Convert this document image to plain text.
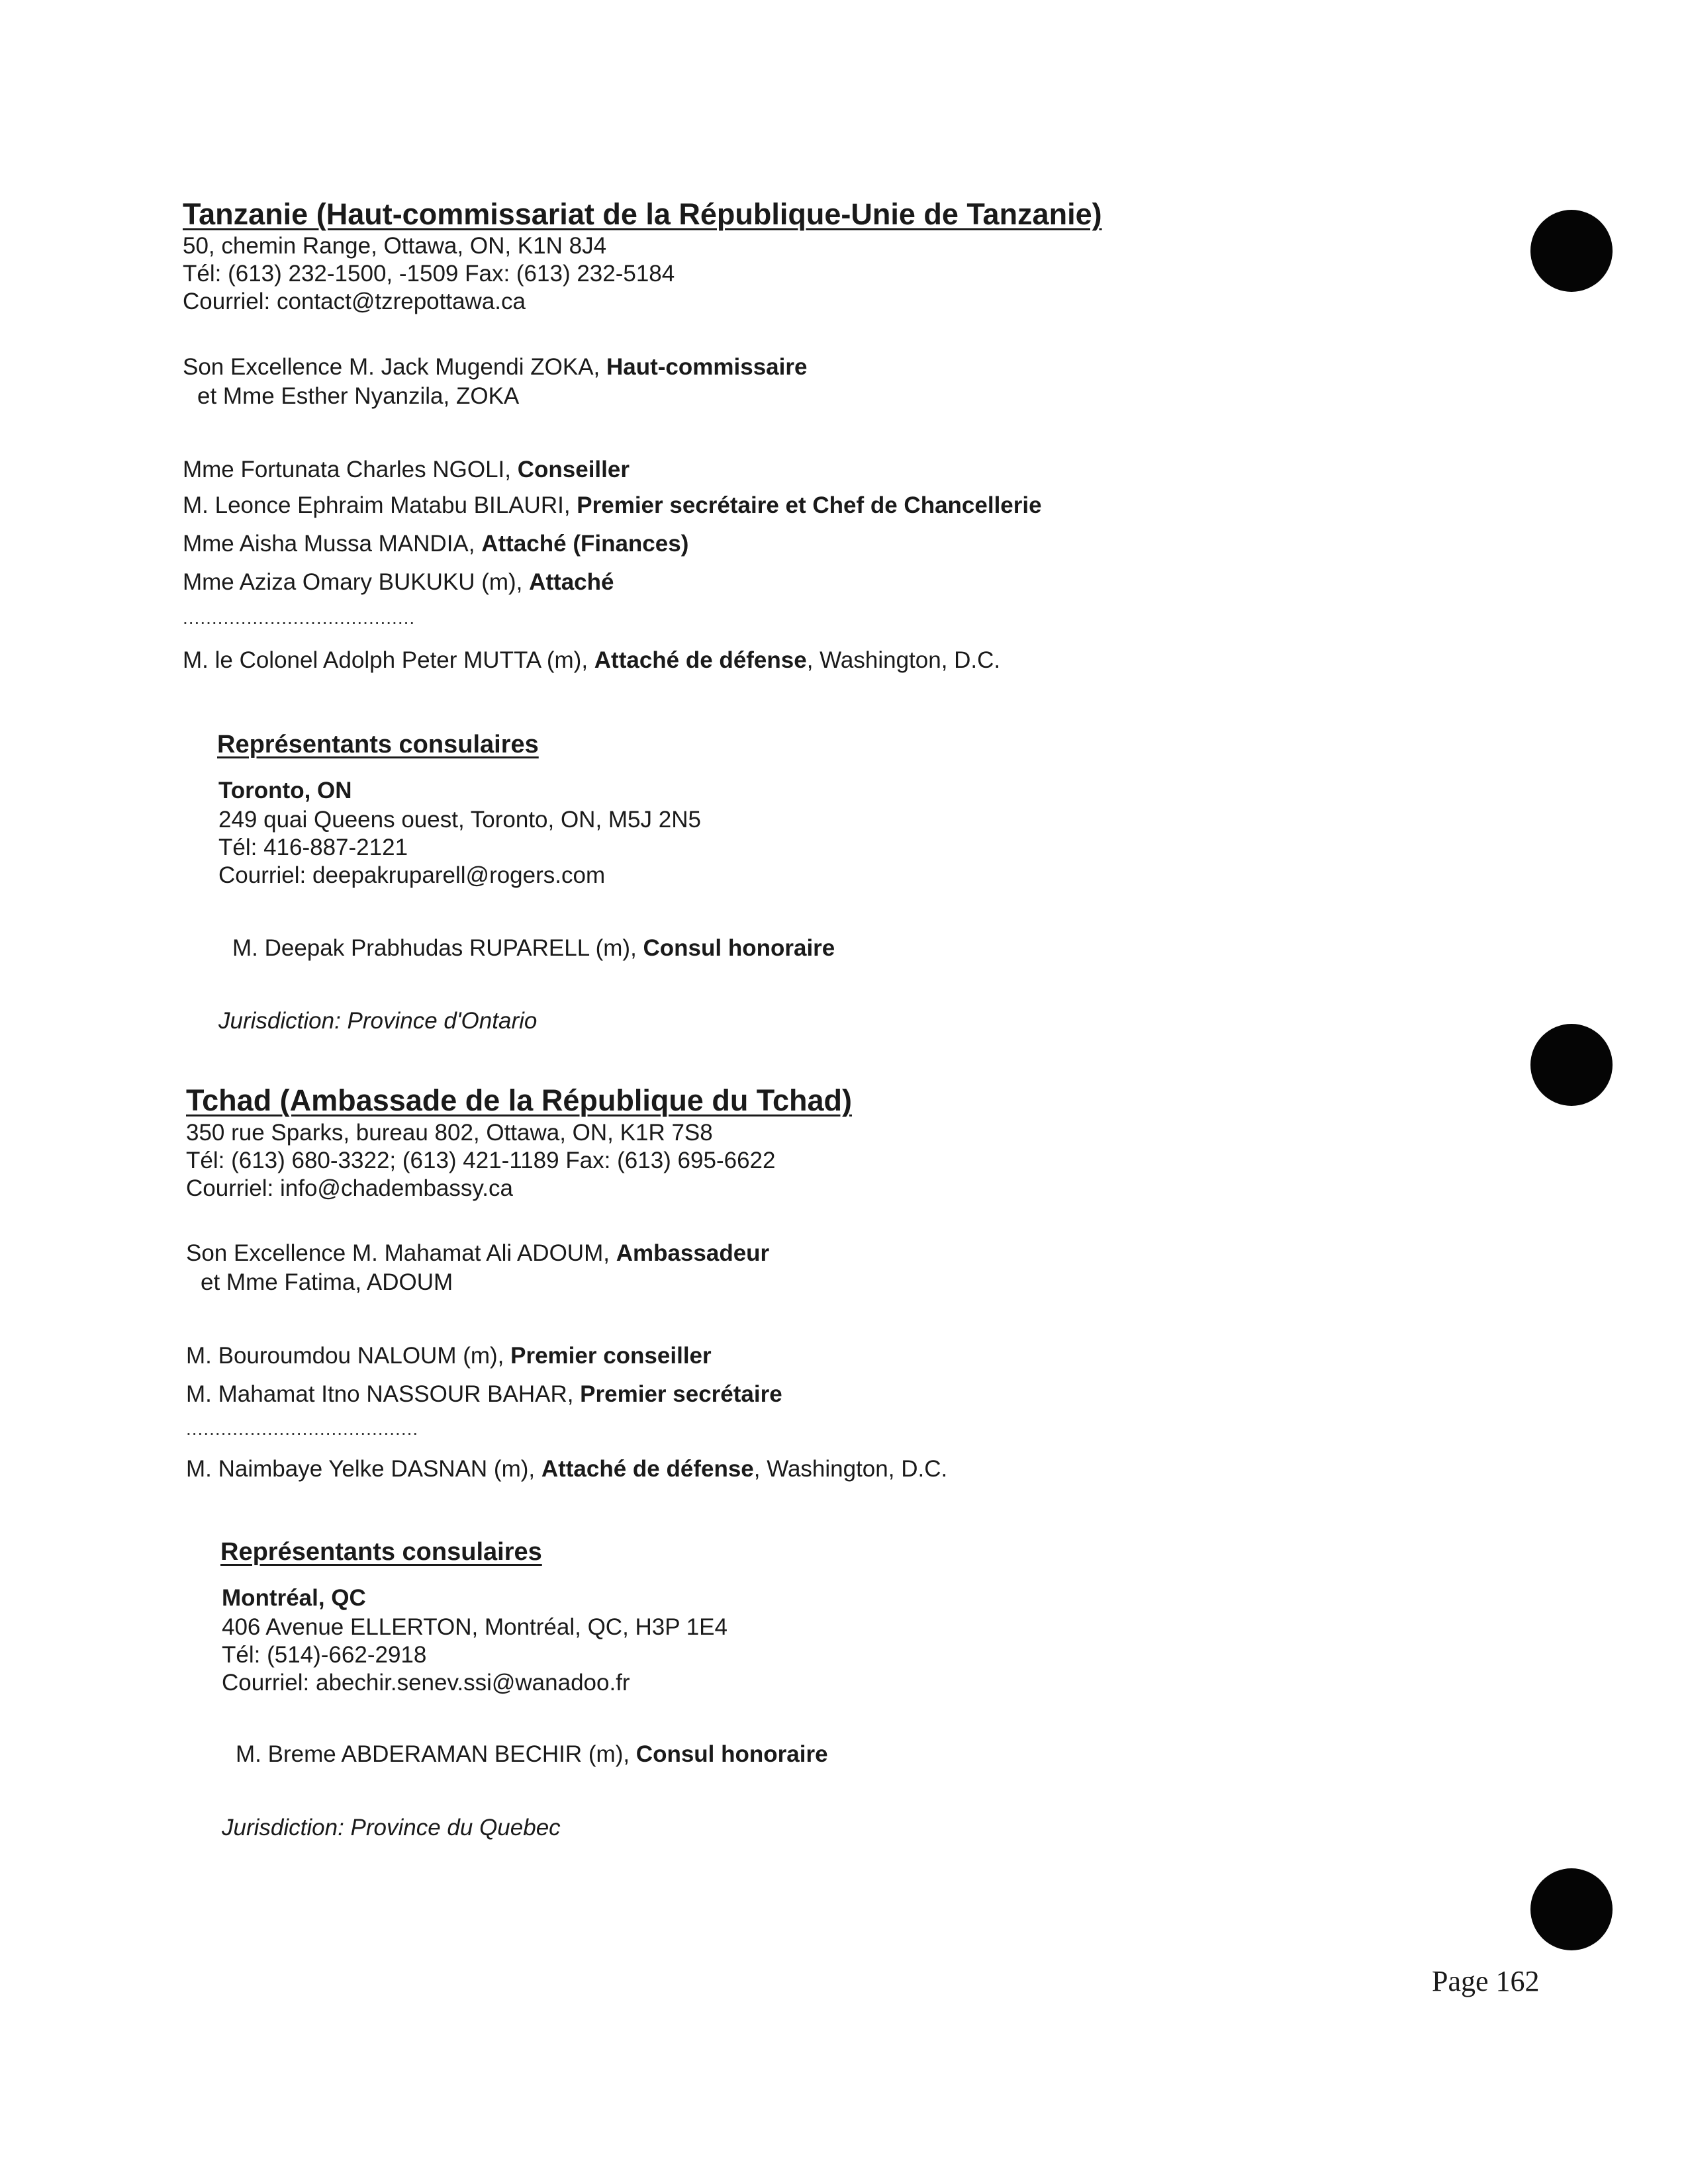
Tanzanie (Haut-commissariat de la République-Unie de Tanzanie)
50, chemin Range, Ottawa, ON, K1N 8J4
Tél: (613) 232-1500, -1509 Fax: (613) 232-5184
Courriel: contact@tzrepottawa.ca
Son Excellence M. Jack Mugendi ZOKA, Haut-commissaire
et Mme Esther Nyanzila, ZOKA
Mme Fortunata Charles NGOLI, Conseiller
M. Leonce Ephraim Matabu BILAURI, Premier secrétaire et Chef de Chancellerie
Mme Aisha Mussa MANDIA, Attaché (Finances)
Mme Aziza Omary BUKUKU (m), Attaché
........................................
M. le Colonel Adolph Peter MUTTA (m), Attaché de défense, Washington, D.C.
Représentants consulaires
Toronto, ON
249 quai Queens ouest, Toronto, ON, M5J 2N5
Tél: 416-887-2121
Courriel: deepakruparell@rogers.com
M. Deepak Prabhudas RUPARELL (m), Consul honoraire
Jurisdiction: Province d'Ontario
Tchad (Ambassade de la République du Tchad)
350 rue Sparks, bureau 802, Ottawa, ON, K1R 7S8
Tél: (613) 680-3322; (613) 421-1189 Fax: (613) 695-6622
Courriel: info@chadembassy.ca
Son Excellence M. Mahamat Ali ADOUM, Ambassadeur
et Mme Fatima, ADOUM
M. Bouroumdou NALOUM (m), Premier conseiller
M. Mahamat Itno NASSOUR BAHAR, Premier secrétaire
........................................
M. Naimbaye Yelke DASNAN (m), Attaché de défense, Washington, D.C.
Représentants consulaires
Montréal, QC
406 Avenue ELLERTON, Montréal, QC, H3P 1E4
Tél: (514)-662-2918
Courriel: abechir.senev.ssi@wanadoo.fr
M. Breme ABDERAMAN BECHIR (m), Consul honoraire
Jurisdiction: Province du Quebec
Page 162
